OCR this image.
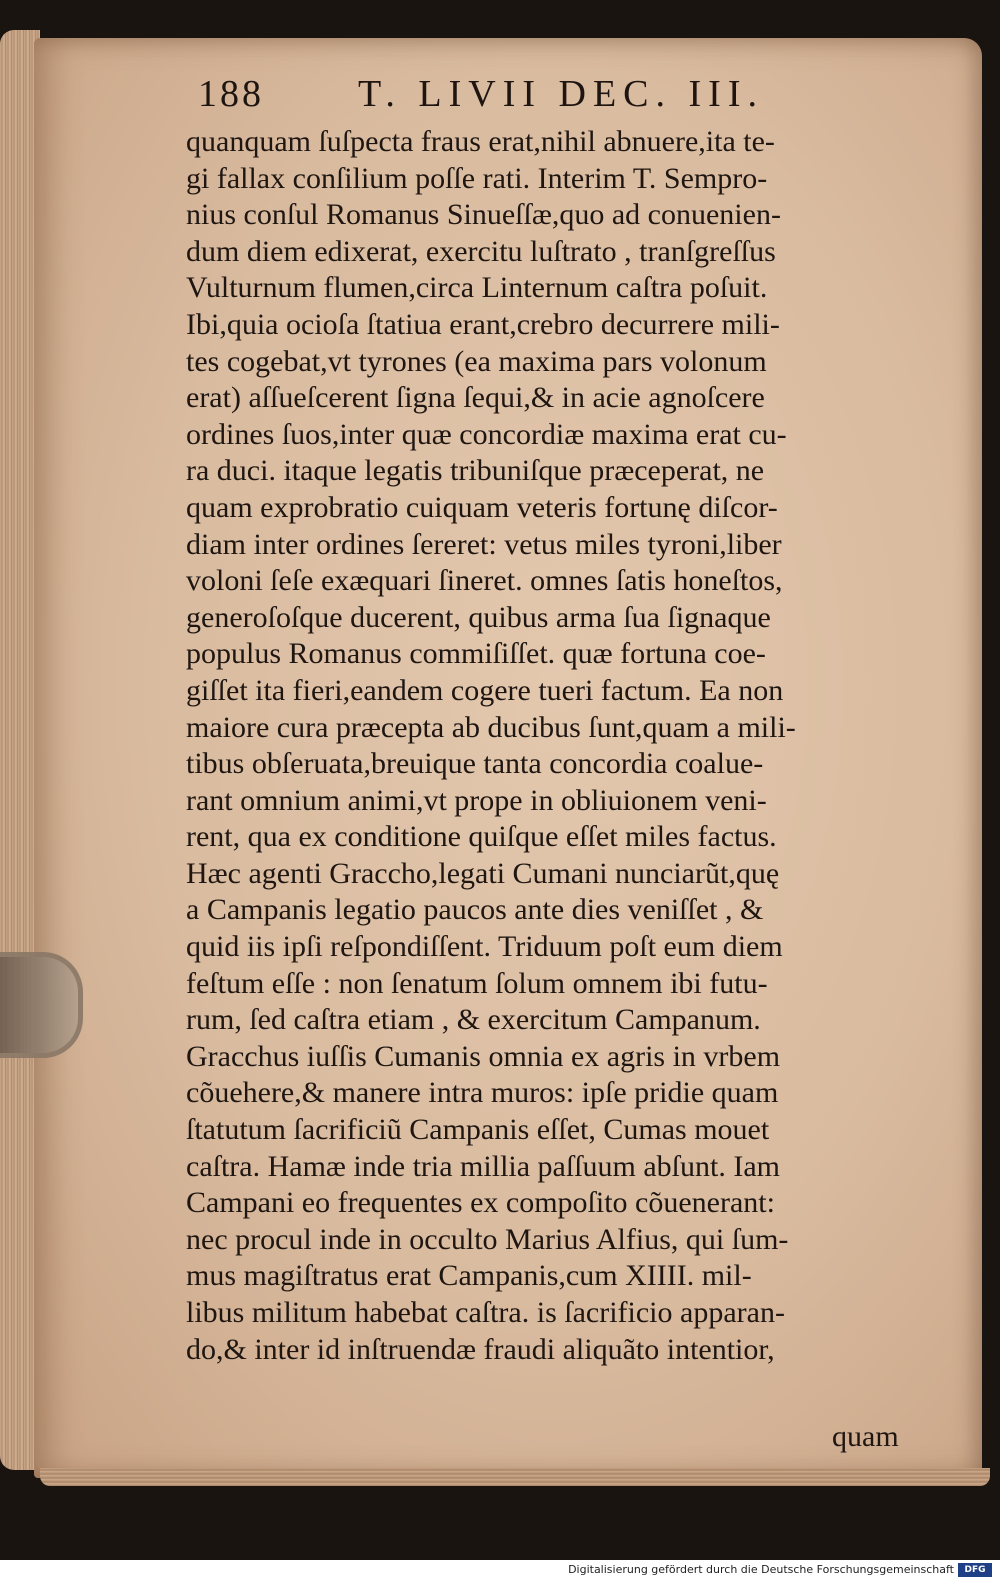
188 T. LIVII DEC. III.
quanquam ſuſpecta fraus erat,nihil abnuere,ita te-
gi fallax conſilium poſſe rati. Interim T. Sempro-
nius conſul Romanus Sinueſſæ,quo ad conuenien-
dum diem edixerat, exercitu luſtrato , tranſgreſſus
Vulturnum flumen,circa Linternum caſtra poſuit.
Ibi,quia ocioſa ſtatiua erant,crebro decurrere mili-
tes cogebat,vt tyrones (ea maxima pars volonum
erat) aſſueſcerent ſigna ſequi,& in acie agnoſcere
ordines ſuos,inter quæ concordiæ maxima erat cu-
ra duci. itaque legatis tribuniſque præceperat, ne
quam exprobratio cuiquam veteris fortunę diſcor-
diam inter ordines ſereret: vetus miles tyroni,liber
voloni ſeſe exæquari ſineret. omnes ſatis honeſtos,
generoſoſque ducerent, quibus arma ſua ſignaque
populus Romanus commiſiſſet. quæ fortuna coe-
giſſet ita fieri,eandem cogere tueri factum. Ea non
maiore cura præcepta ab ducibus ſunt,quam a mili-
tibus obſeruata,breuique tanta concordia coalue-
rant omnium animi,vt prope in obliuionem veni-
rent, qua ex conditione quiſque eſſet miles factus.
Hæc agenti Graccho,legati Cumani nunciarũt,quę
a Campanis legatio paucos ante dies veniſſet , &
quid iis ipſi reſpondiſſent. Triduum poſt eum diem
feſtum eſſe : non ſenatum ſolum omnem ibi futu-
rum, ſed caſtra etiam , & exercitum Campanum.
Gracchus iuſſis Cumanis omnia ex agris in vrbem
cõuehere,& manere intra muros: ipſe pridie quam
ſtatutum ſacrificiũ Campanis eſſet, Cumas mouet
caſtra. Hamæ inde tria millia paſſuum abſunt. Iam
Campani eo frequentes ex compoſito cõuenerant:
nec procul inde in occulto Marius Alfius, qui ſum-
mus magiſtratus erat Campanis,cum XIIII. mil-
libus militum habebat caſtra. is ſacrificio apparan-
do,& inter id inſtruendæ fraudi aliquãto intentior,
quam
Digitalisierung gefördert durch die Deutsche Forschungsgemeinschaft	DFG
